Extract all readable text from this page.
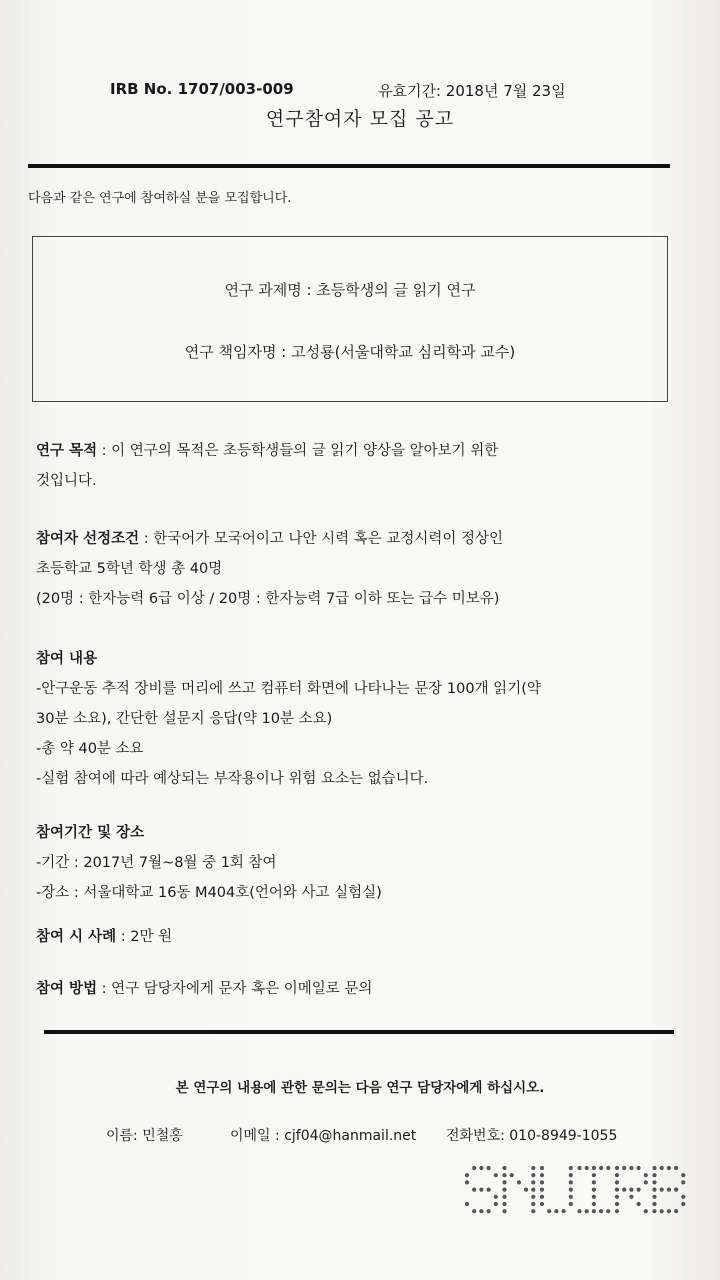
IRB No. 1707/003-009	유효기간: 2018년 7월 23일
연구참여자 모집 공고
다음과 같은 연구에 참여하실 분을 모집합니다.
연구 과제명 : 초등학생의 글 읽기 연구
연구 책임자명 : 고성룡(서울대학교 심리학과 교수)
연구 목적 : 이 연구의 목적은 초등학생들의 글 읽기 양상을 알아보기 위한
것입니다.
참여자 선정조건 : 한국어가 모국어이고 나안 시력 혹은 교정시력이 정상인
초등학교 5학년 학생 총 40명
(20명 : 한자능력 6급 이상 / 20명 : 한자능력 7급 이하 또는 급수 미보유)
참여 내용
-안구운동 추적 장비를 머리에 쓰고 컴퓨터 화면에 나타나는 문장 100개 읽기(약
30분 소요), 간단한 설문지 응답(약 10분 소요)
-총 약 40분 소요
-실험 참여에 따라 예상되는 부작용이나 위험 요소는 없습니다.
참여기간 및 장소
-기간 : 2017년 7월~8월 중 1회 참여
-장소 : 서울대학교 16동 M404호(언어와 사고 실험실)
참여 시 사례 : 2만 원
참여 방법 : 연구 담당자에게 문자 혹은 이메일로 문의
본 연구의 내용에 관한 문의는 다음 연구 담당자에게 하십시오.
이름: 민철홍	이메일 : cjf04@hanmail.net 전화번호: 010-8949-1055
